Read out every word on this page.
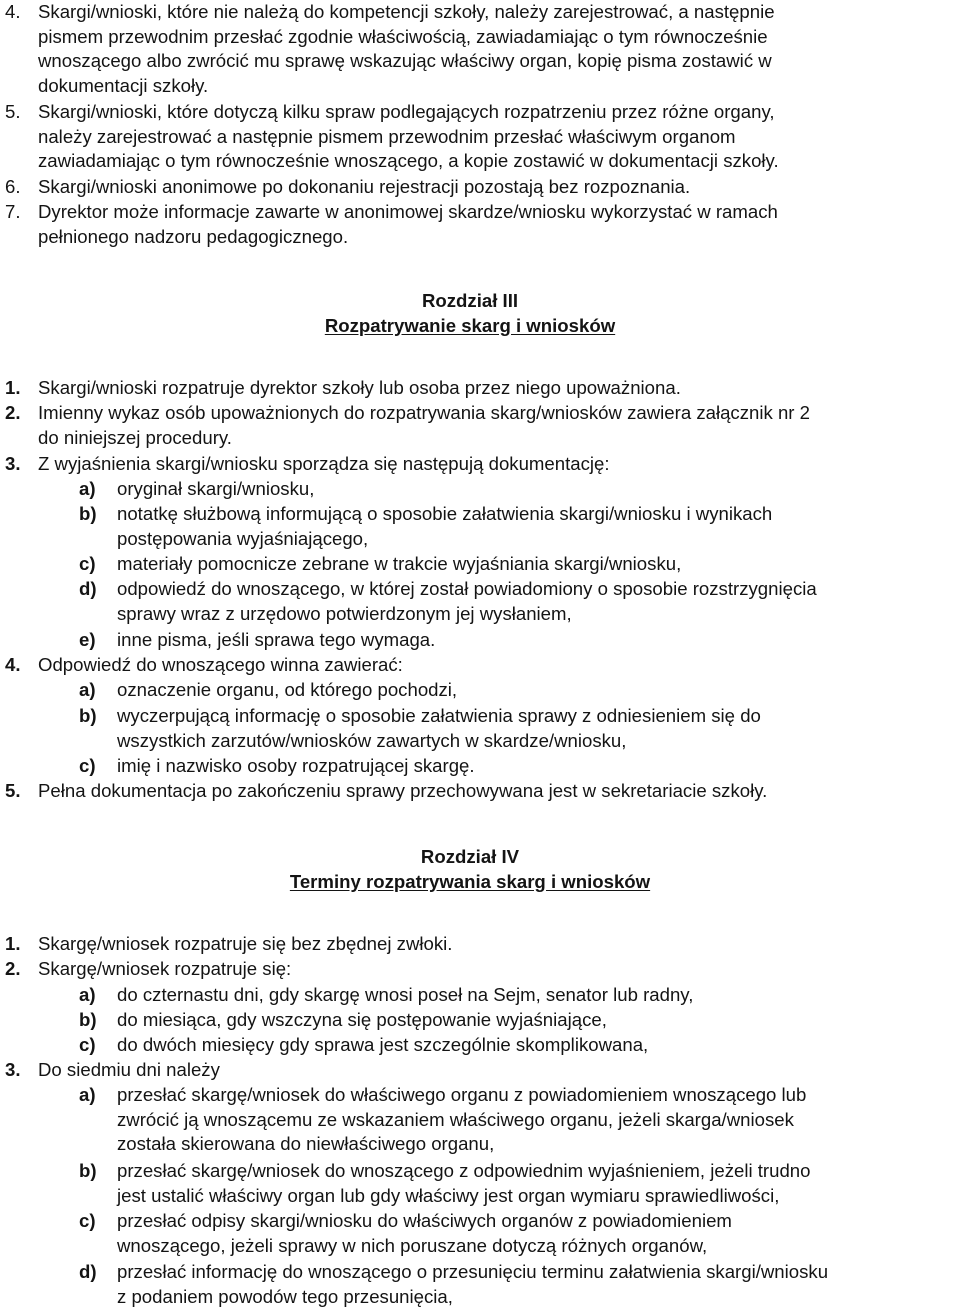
4. Skargi/wnioski, które nie należą do kompetencji szkoły, należy zarejestrować, a następnie
pismem przewodnim przesłać zgodnie właściwością, zawiadamiając o tym równocześnie
wnoszącego albo zwrócić mu sprawę wskazując właściwy organ, kopię pisma zostawić w
dokumentacji szkoły.
5. Skargi/wnioski, które dotyczą kilku spraw podlegających rozpatrzeniu przez różne organy,
należy zarejestrować a następnie pismem przewodnim przesłać właściwym organom
zawiadamiając o tym równocześnie wnoszącego, a kopie zostawić w dokumentacji szkoły.
6. Skargi/wnioski anonimowe po dokonaniu rejestracji pozostają bez rozpoznania.
7. Dyrektor może informacje zawarte w anonimowej skardze/wniosku wykorzystać w ramach
pełnionego nadzoru pedagogicznego.
Rozdział III
Rozpatrywanie skarg i wniosków
1. Skargi/wnioski rozpatruje dyrektor szkoły lub osoba przez niego upoważniona.
2. Imienny wykaz osób upoważnionych do rozpatrywania skarg/wniosków zawiera załącznik nr 2
do niniejszej procedury.
3. Z wyjaśnienia skargi/wniosku sporządza się następują dokumentację:
a) oryginał skargi/wniosku,
b) notatkę służbową informującą o sposobie załatwienia skargi/wniosku i wynikach
postępowania wyjaśniającego,
c) materiały pomocnicze zebrane w trakcie wyjaśniania skargi/wniosku,
d) odpowiedź do wnoszącego, w której został powiadomiony o sposobie rozstrzygnięcia
sprawy wraz z urzędowo potwierdzonym jej wysłaniem,
e) inne pisma, jeśli sprawa tego wymaga.
4. Odpowiedź do wnoszącego winna zawierać:
a) oznaczenie organu, od którego pochodzi,
b) wyczerpującą informację o sposobie załatwienia sprawy z odniesieniem się do
wszystkich zarzutów/wniosków zawartych w skardze/wniosku,
c) imię i nazwisko osoby rozpatrującej skargę.
5. Pełna dokumentacja po zakończeniu sprawy przechowywana jest w sekretariacie szkoły.
Rozdział IV
Terminy rozpatrywania skarg i wniosków
1. Skargę/wniosek rozpatruje się bez zbędnej zwłoki.
2. Skargę/wniosek rozpatruje się:
a) do czternastu dni, gdy skargę wnosi poseł na Sejm, senator lub radny,
b) do miesiąca, gdy wszczyna się postępowanie wyjaśniające,
c) do dwóch miesięcy gdy sprawa jest szczególnie skomplikowana,
3. Do siedmiu dni należy
a) przesłać skargę/wniosek do właściwego organu z powiadomieniem wnoszącego lub
zwrócić ją wnoszącemu ze wskazaniem właściwego organu, jeżeli skarga/wniosek
została skierowana do niewłaściwego organu,
b) przesłać skargę/wniosek do wnoszącego z odpowiednim wyjaśnieniem, jeżeli trudno
jest ustalić właściwy organ lub gdy właściwy jest organ wymiaru sprawiedliwości,
c) przesłać odpisy skargi/wniosku do właściwych organów z powiadomieniem
wnoszącego, jeżeli sprawy w nich poruszane dotyczą różnych organów,
d) przesłać informację do wnoszącego o przesunięciu terminu załatwienia skargi/wniosku
z podaniem powodów tego przesunięcia,
